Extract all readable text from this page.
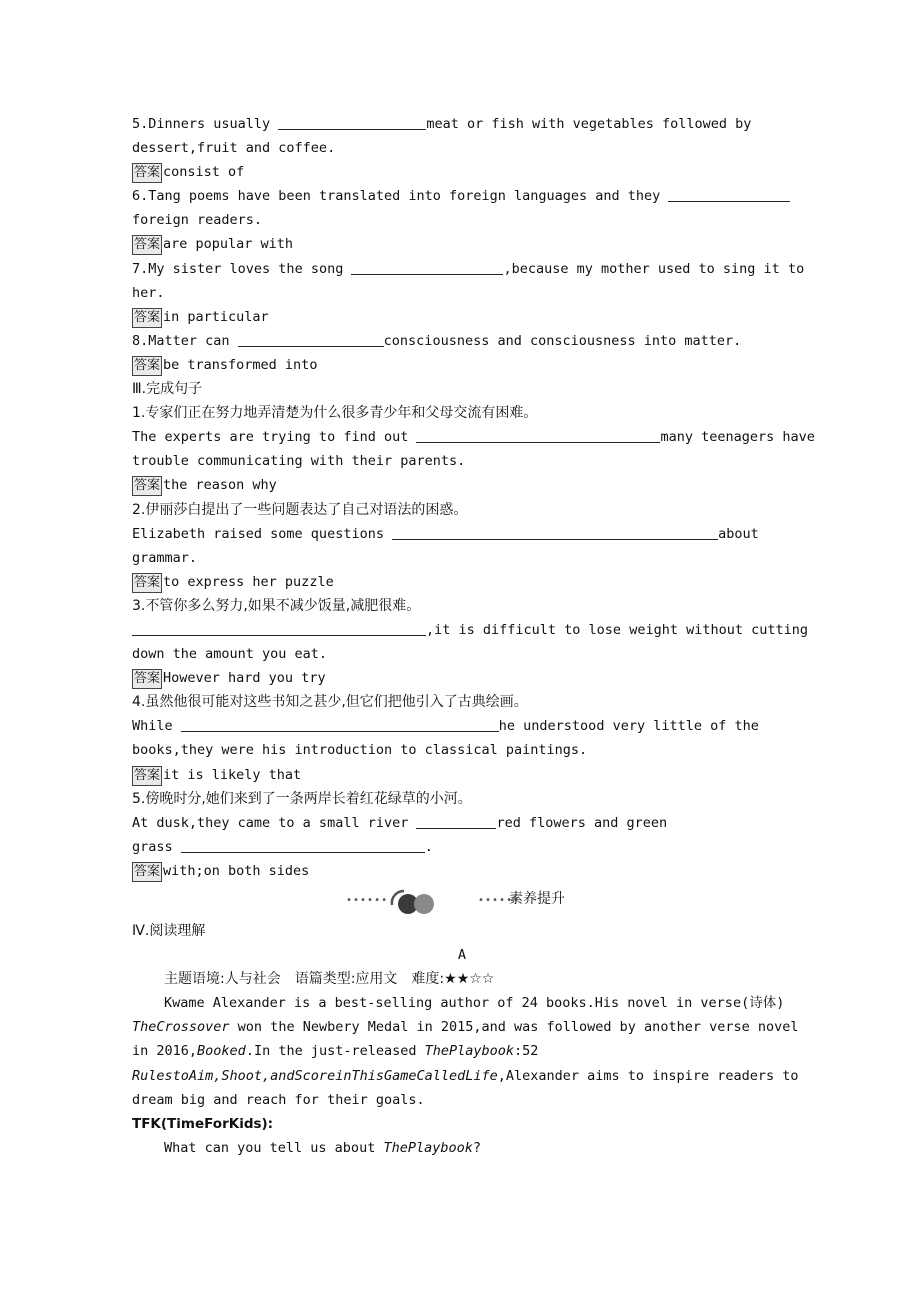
5.Dinners usually	meat or fish with vegetables followed by
dessert,fruit and coffee.
答案 consist of
6.Tang poems have been translated into foreign languages and they
foreign readers.
答案 are popular with
7.My sister loves the song	,because my mother used to sing it to
her.
答案 in particular
8.Matter can	consciousness and consciousness into matter.
答案 be transformed into
Ⅲ.完成句子
1.专家们正在努力地弄清楚为什么很多青少年和父母交流有困难。
The experts are trying to find out	many teenagers have
trouble communicating with their parents.
答案 the reason why
2.伊丽莎白提出了一些问题表达了自己对语法的困惑。
Elizabeth raised some questions	about
grammar.
答案 to express her puzzle
3.不管你多么努力,如果不减少饭量,减肥很难。
,it is difficult to lose weight without cutting
down the amount you eat.
答案 However hard you try
4.虽然他很可能对这些书知之甚少,但它们把他引入了古典绘画。
While	he understood very little of the
books,they were his introduction to classical paintings.
答案 it is likely that
5.傍晚时分,她们来到了一条两岸长着红花绿草的小河。
At dusk,they came to a small river	red flowers and green
grass	.
答案 with;on both sides
••••••	••••••
素养提升
Ⅳ.阅读理解
A
主题语境:人与社会　语篇类型:应用文　难度:★★☆☆
Kwame Alexander is a best-selling author of 24 books.His novel in verse(诗体)
TheCrossover won the Newbery Medal in 2015,and was followed by another verse novel
in 2016,Booked.In the just-released ThePlaybook:52
RulestoAim,Shoot,andScoreinThisGameCalledLife,Alexander aims to inspire readers to
dream big and reach for their goals.
TFK(TimeForKids):
What can you tell us about ThePlaybook?
